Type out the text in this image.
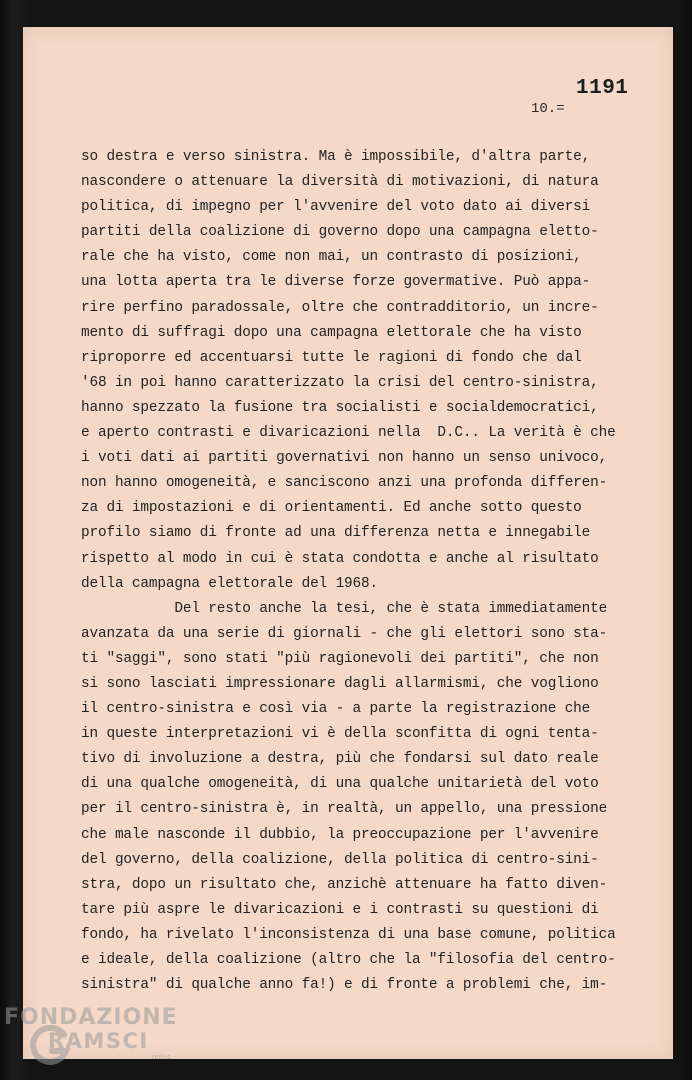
1191
10.=
so destra e verso sinistra. Ma è impossibile, d'altra parte,
nascondere o attenuare la diversità di motivazioni, di natura
politica, di impegno per l'avvenire del voto dato ai diversi
partiti della coalizione di governo dopo una campagna eletto-
rale che ha visto, come non mai, un contrasto di posizioni,
una lotta aperta tra le diverse forze govermative. Può appa-
rire perfino paradossale, oltre che contradditorio, un incre-
mento di suffragi dopo una campagna elettorale che ha visto
riproporre ed accentuarsi tutte le ragioni di fondo che dal
'68 in poi hanno caratterizzato la crisi del centro-sinistra,
hanno spezzato la fusione tra socialisti e socialdemocratici,
e aperto contrasti e divaricazioni nella  D.C.. La verità è che
i voti dati ai partiti governativi non hanno un senso univoco,
non hanno omogeneità, e sanciscono anzi una profonda differen-
za di impostazioni e di orientamenti. Ed anche sotto questo
profilo siamo di fronte ad una differenza netta e innegabile
rispetto al modo in cui è stata condotta e anche al risultato
della campagna elettorale del 1968.
Del resto anche la tesi, che è stata immediatamente
avanzata da una serie di giornali - che gli elettori sono sta-
ti "saggi", sono stati "più ragionevoli dei partiti", che non
si sono lasciati impressionare dagli allarmismi, che vogliono
il centro-sinistra e così via - a parte la registrazione che
in queste interpretazioni vi è della sconfitta di ogni tenta-
tivo di involuzione a destra, più che fondarsi sul dato reale
di una qualche omogeneità, di una qualche unitarietà del voto
per il centro-sinistra è, in realtà, un appello, una pressione
che male nasconde il dubbio, la preoccupazione per l'avvenire
del governo, della coalizione, della politica di centro-sini-
stra, dopo un risultato che, anzichè attenuare ha fatto diven-
tare più aspre le divaricazioni e i contrasti su questioni di
fondo, ha rivelato l'inconsistenza di una base comune, politica
e ideale, della coalizione (altro che la "filosofia del centro-
sinistra" di qualche anno fa!) e di fronte a problemi che, im-
FONDAZIONE
RAMSCI
onlus
